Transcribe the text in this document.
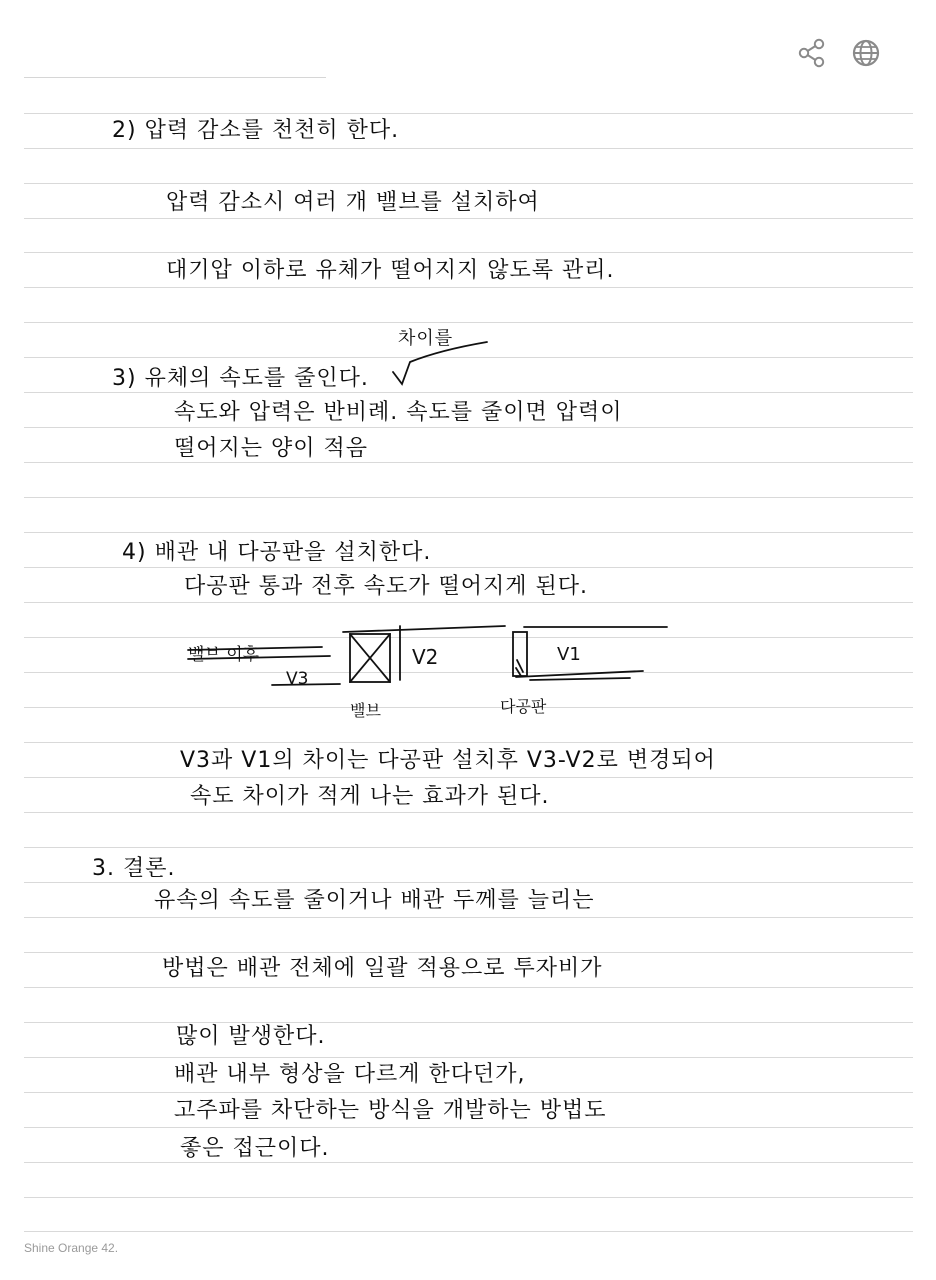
2) 압력 감소를 천천히 한다.
압력 감소시 여러 개 밸브를 설치하여
대기압 이하로 유체가 떨어지지 않도록 관리.
차이를
3) 유체의 속도를 줄인다.
속도와 압력은 반비례. 속도를 줄이면 압력이
떨어지는 양이 적음
4) 배관 내 다공판을 설치한다.
다공판 통과 전후 속도가 떨어지게 된다.
밸브 이후
V3
V2	V1
밸브	다공판
V3과 V1의 차이는 다공판 설치후 V3-V2로 변경되어
속도 차이가 적게 나는 효과가 된다.
3. 결론.
유속의 속도를 줄이거나 배관 두께를 늘리는
방법은 배관 전체에 일괄 적용으로 투자비가
많이 발생한다.
배관 내부 형상을 다르게 한다던가,
고주파를 차단하는 방식을 개발하는 방법도
좋은 접근이다.
Shine Orange 42.
